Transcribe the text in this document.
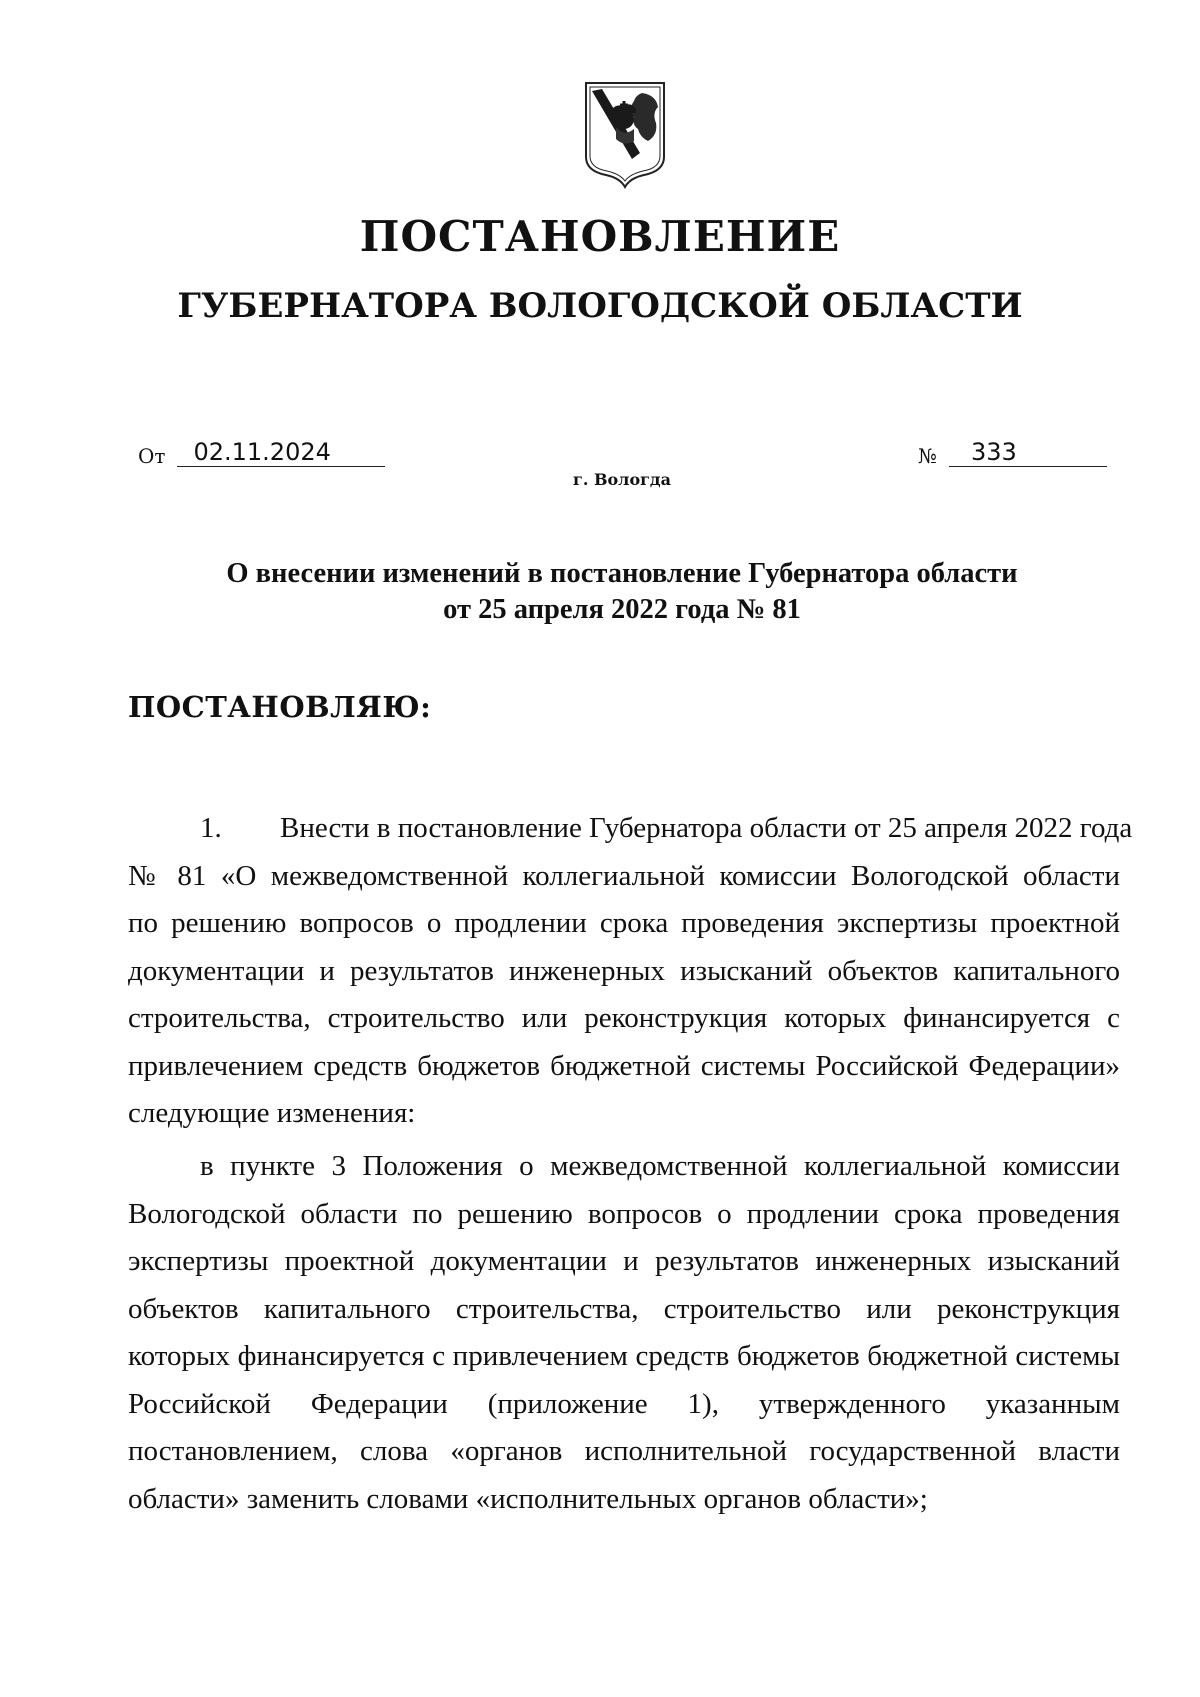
ПОСТАНОВЛЕНИЕ
ГУБЕРНАТОРА ВОЛОГОДСКОЙ ОБЛАСТИ
От	02.11.2024	№	333
г. Вологда
О внесении изменений в постановление Губернатора области
от 25 апреля 2022 года № 81
ПОСТАНОВЛЯЮ:
1. Внести в постановление Губернатора области от 25 апреля 2022 года
№ 81 «О межведомственной коллегиальной комиссии Вологодской области
по решению вопросов о продлении срока проведения экспертизы проектной
документации и результатов инженерных изысканий объектов капитального
строительства, строительство или реконструкция которых финансируется с
привлечением средств бюджетов бюджетной системы Российской Федерации»
следующие изменения:
в пункте 3 Положения о межведомственной коллегиальной комиссии
Вологодской области по решению вопросов о продлении срока проведения
экспертизы проектной документации и результатов инженерных изысканий
объектов капитального строительства, строительство или реконструкция
которых финансируется с привлечением средств бюджетов бюджетной системы
Российской Федерации (приложение 1), утвержденного указанным
постановлением, слова «органов исполнительной государственной власти
области» заменить словами «исполнительных органов области»;
